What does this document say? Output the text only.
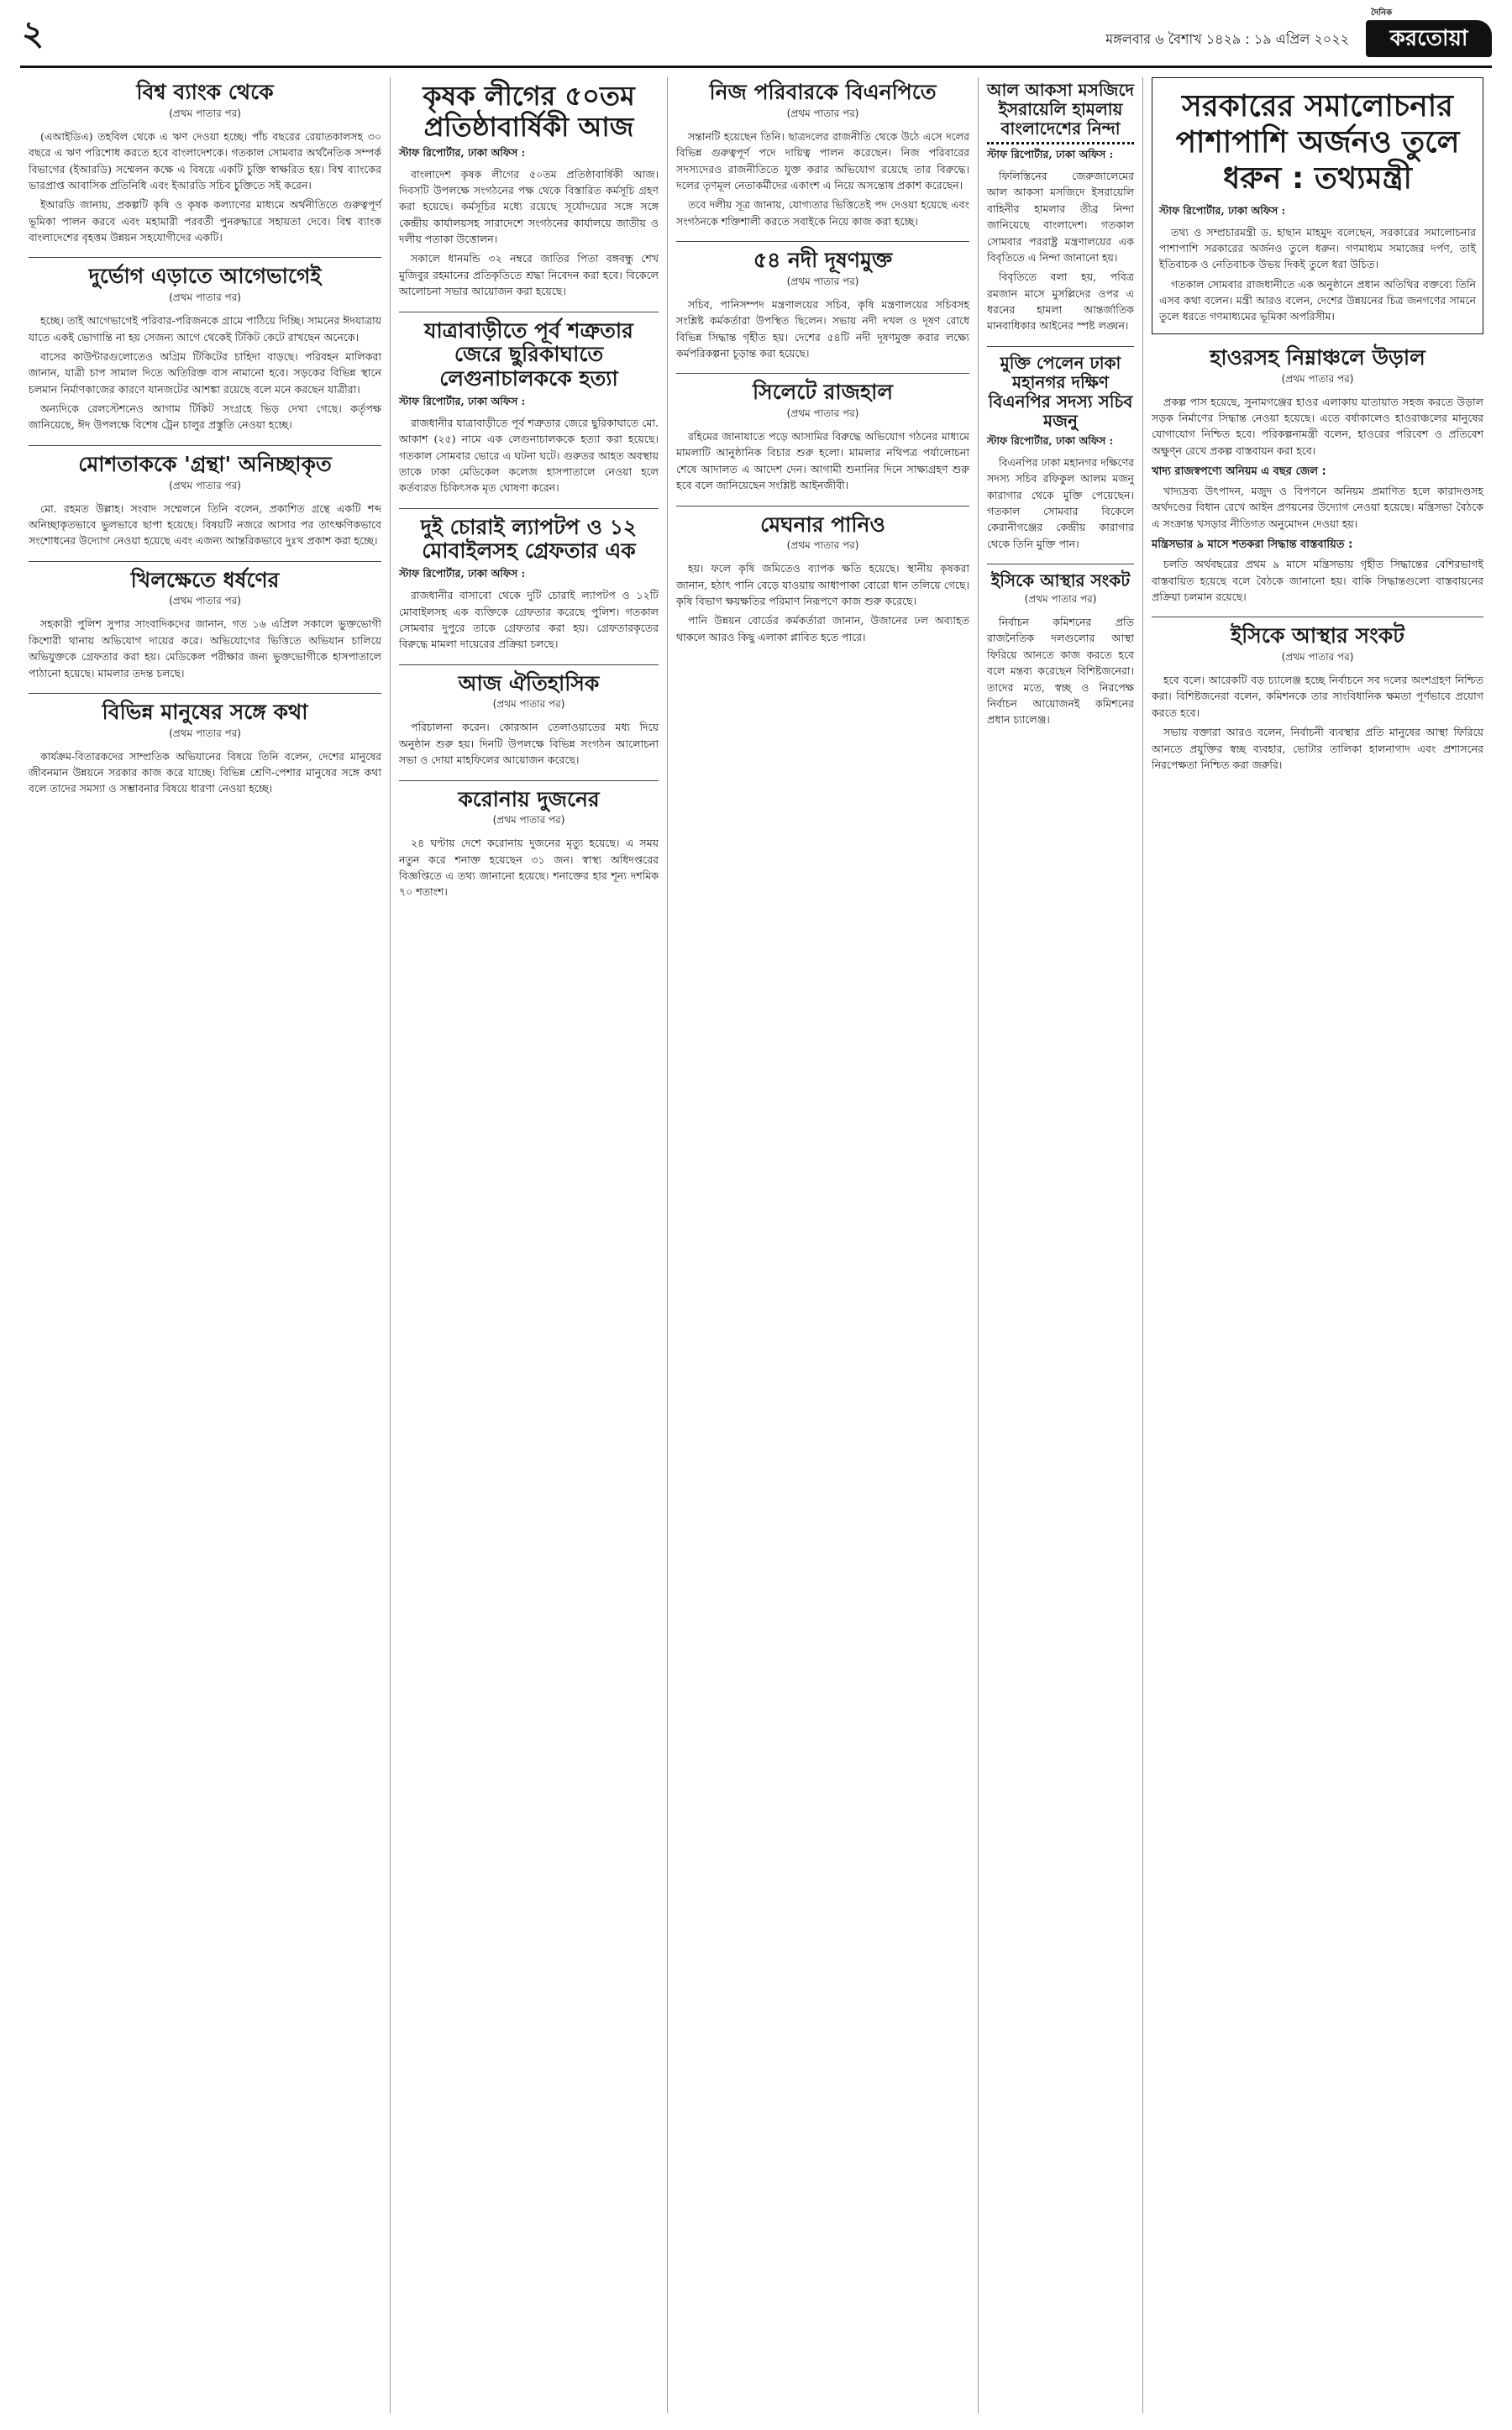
২	মঙ্গলবার ৬ বৈশাখ ১৪২৯ : ১৯ এপ্রিল ২০২২
দৈনিক
করতোয়া
বিশ্ব ব্যাংক থেকে
(প্রথম পাতার পর)

(এআইডিএ) তহবিল থেকে এ ঋণ দেওয়া হচ্ছে। পাঁচ বছরের রেয়াতকালসহ ৩০ বছরে এ ঋণ পরিশোধ করতে হবে বাংলাদেশকে। গতকাল সোমবার অর্থনৈতিক সম্পর্ক বিভাগের (ইআরডি) সম্মেলন কক্ষে এ বিষয়ে একটি চুক্তি স্বাক্ষরিত হয়। বিশ্ব ব্যাংকের ভারপ্রাপ্ত আবাসিক প্রতিনিধি এবং ইআরডি সচিব চুক্তিতে সই করেন।

ইআরডি জানায়, প্রকল্পটি কৃষি ও কৃষক কল্যাণের মাধ্যমে অর্থনীতিতে গুরুত্বপূর্ণ ভূমিকা পালন করবে এবং মহামারী পরবর্তী পুনরুদ্ধারে সহায়তা দেবে। বিশ্ব ব্যাংক বাংলাদেশের বৃহত্তম উন্নয়ন সহযোগীদের একটি।

দুর্ভোগ এড়াতে আগেভাগেই
(প্রথম পাতার পর)

হচ্ছে। তাই আগেভাগেই পরিবার-পরিজনকে গ্রামে পাঠিয়ে দিচ্ছি। সামনের ঈদযাত্রায় যাতে একই ভোগান্তি না হয় সেজন্য আগে থেকেই টিকিট কেটে রাখছেন অনেকে।

বাসের কাউন্টারগুলোতেও অগ্রিম টিকিটের চাহিদা বাড়ছে। পরিবহন মালিকরা জানান, যাত্রী চাপ সামাল দিতে অতিরিক্ত বাস নামানো হবে। সড়কের বিভিন্ন স্থানে চলমান নির্মাণকাজের কারণে যানজটের আশঙ্কা রয়েছে বলে মনে করছেন যাত্রীরা।

অন্যদিকে রেলস্টেশনেও আগাম টিকিট সংগ্রহে ভিড় দেখা গেছে। কর্তৃপক্ষ জানিয়েছে, ঈদ উপলক্ষে বিশেষ ট্রেন চালুর প্রস্তুতি নেওয়া হচ্ছে।

মোশতাককে 'গ্রন্থা' অনিচ্ছাকৃত
(প্রথম পাতার পর)

মো. রহমত উল্লাহ। সংবাদ সম্মেলনে তিনি বলেন, প্রকাশিত গ্রন্থে একটি শব্দ অনিচ্ছাকৃতভাবে ভুলভাবে ছাপা হয়েছে। বিষয়টি নজরে আসার পর তাৎক্ষণিকভাবে সংশোধনের উদ্যোগ নেওয়া হয়েছে এবং এজন্য আন্তরিকভাবে দুঃখ প্রকাশ করা হচ্ছে।

খিলক্ষেতে ধর্ষণের
(প্রথম পাতার পর)

সহকারী পুলিশ সুপার সাংবাদিকদের জানান, গত ১৬ এপ্রিল সকালে ভুক্তভোগী কিশোরী থানায় অভিযোগ দায়ের করে। অভিযোগের ভিত্তিতে অভিযান চালিয়ে অভিযুক্তকে গ্রেফতার করা হয়। মেডিকেল পরীক্ষার জন্য ভুক্তভোগীকে হাসপাতালে পাঠানো হয়েছে। মামলার তদন্ত চলছে।

বিভিন্ন মানুষের সঙ্গে কথা
(প্রথম পাতার পর)

কার্যক্রম-বিতারকদের সাম্প্রতিক অভিযানের বিষয়ে তিনি বলেন, দেশের মানুষের জীবনমান উন্নয়নে সরকার কাজ করে যাচ্ছে। বিভিন্ন শ্রেণি-পেশার মানুষের সঙ্গে কথা বলে তাদের সমস্যা ও সম্ভাবনার বিষয়ে ধারণা নেওয়া হচ্ছে।

কৃষক লীগের ৫০তম প্রতিষ্ঠাবার্ষিকী আজ
স্টাফ রিপোর্টার, ঢাকা অফিস :

বাংলাদেশ কৃষক লীগের ৫০তম প্রতিষ্ঠাবার্ষিকী আজ। দিবসটি উপলক্ষে সংগঠনের পক্ষ থেকে বিস্তারিত কর্মসূচি গ্রহণ করা হয়েছে। কর্মসূচির মধ্যে রয়েছে সূর্যোদয়ের সঙ্গে সঙ্গে কেন্দ্রীয় কার্যালয়সহ সারাদেশে সংগঠনের কার্যালয়ে জাতীয় ও দলীয় পতাকা উত্তোলন।

সকালে ধানমন্ডি ৩২ নম্বরে জাতির পিতা বঙ্গবন্ধু শেখ মুজিবুর রহমানের প্রতিকৃতিতে শ্রদ্ধা নিবেদন করা হবে। বিকেলে আলোচনা সভার আয়োজন করা হয়েছে।

যাত্রাবাড়ীতে পূর্ব শত্রুতার জেরে ছুরিকাঘাতে লেগুনাচালককে হত্যা
স্টাফ রিপোর্টার, ঢাকা অফিস :

রাজধানীর যাত্রাবাড়ীতে পূর্ব শত্রুতার জেরে ছুরিকাঘাতে মো. আকাশ (২৫) নামে এক লেগুনাচালককে হত্যা করা হয়েছে। গতকাল সোমবার ভোরে এ ঘটনা ঘটে। গুরুতর আহত অবস্থায় তাকে ঢাকা মেডিকেল কলেজ হাসপাতালে নেওয়া হলে কর্তব্যরত চিকিৎসক মৃত ঘোষণা করেন।

দুই চোরাই ল্যাপটপ ও ১২ মোবাইলসহ গ্রেফতার এক
স্টাফ রিপোর্টার, ঢাকা অফিস :

রাজধানীর বাসাবো থেকে দুটি চোরাই ল্যাপটপ ও ১২টি মোবাইলসহ এক ব্যক্তিকে গ্রেফতার করেছে পুলিশ। গতকাল সোমবার দুপুরে তাকে গ্রেফতার করা হয়। গ্রেফতারকৃতের বিরুদ্ধে মামলা দায়েরের প্রক্রিয়া চলছে।

আজ ঐতিহাসিক
(প্রথম পাতার পর)

পরিচালনা করেন। কোরআন তেলাওয়াতের মধ্য দিয়ে অনুষ্ঠান শুরু হয়। দিনটি উপলক্ষে বিভিন্ন সংগঠন আলোচনা সভা ও দোয়া মাহফিলের আয়োজন করেছে।

করোনায় দুজনের
(প্রথম পাতার পর)

২৪ ঘণ্টায় দেশে করোনায় দুজনের মৃত্যু হয়েছে। এ সময় নতুন করে শনাক্ত হয়েছেন ৩১ জন। স্বাস্থ্য অধিদপ্তরের বিজ্ঞপ্তিতে এ তথ্য জানানো হয়েছে। শনাক্তের হার শূন্য দশমিক ৭০ শতাংশ।

নিজ পরিবারকে বিএনপিতে
(প্রথম পাতার পর)

সন্তানটি হয়েছেন তিনি। ছাত্রদলের রাজনীতি থেকে উঠে এসে দলের বিভিন্ন গুরুত্বপূর্ণ পদে দায়িত্ব পালন করেছেন। নিজ পরিবারের সদস্যদেরও রাজনীতিতে যুক্ত করার অভিযোগ রয়েছে তার বিরুদ্ধে। দলের তৃণমূল নেতাকর্মীদের একাংশ এ নিয়ে অসন্তোষ প্রকাশ করেছেন।

তবে দলীয় সূত্র জানায়, যোগ্যতার ভিত্তিতেই পদ দেওয়া হয়েছে এবং সংগঠনকে শক্তিশালী করতে সবাইকে নিয়ে কাজ করা হচ্ছে।

৫৪ নদী দূষণমুক্ত
(প্রথম পাতার পর)

সচিব, পানিসম্পদ মন্ত্রণালয়ের সচিব, কৃষি মন্ত্রণালয়ের সচিবসহ সংশ্লিষ্ট কর্মকর্তারা উপস্থিত ছিলেন। সভায় নদী দখল ও দূষণ রোধে বিভিন্ন সিদ্ধান্ত গৃহীত হয়। দেশের ৫৪টি নদী দূষণমুক্ত করার লক্ষ্যে কর্মপরিকল্পনা চূড়ান্ত করা হয়েছে।

সিলেটে রাজহাল
(প্রথম পাতার পর)

রহিমের জানাযাতে পড়ে আসামির বিরুদ্ধে অভিযোগ গঠনের মাধ্যমে মামলাটি আনুষ্ঠানিক বিচার শুরু হলো। মামলার নথিপত্র পর্যালোচনা শেষে আদালত এ আদেশ দেন। আগামী শুনানির দিনে সাক্ষ্যগ্রহণ শুরু হবে বলে জানিয়েছেন সংশ্লিষ্ট আইনজীবী।

মেঘনার পানিও
(প্রথম পাতার পর)

হয়। ফলে কৃষি জমিতেও ব্যাপক ক্ষতি হয়েছে। স্থানীয় কৃষকরা জানান, হঠাৎ পানি বেড়ে যাওয়ায় আধাপাকা বোরো ধান তলিয়ে গেছে। কৃষি বিভাগ ক্ষয়ক্ষতির পরিমাণ নিরূপণে কাজ শুরু করেছে।

পানি উন্নয়ন বোর্ডের কর্মকর্তারা জানান, উজানের ঢল অব্যাহত থাকলে আরও কিছু এলাকা প্লাবিত হতে পারে।

আল আকসা মসজিদে ইসরায়েলি হামলায় বাংলাদেশের নিন্দা
স্টাফ রিপোর্টার, ঢাকা অফিস :

ফিলিস্তিনের জেরুজালেমের আল আকসা মসজিদে ইসরায়েলি বাহিনীর হামলার তীব্র নিন্দা জানিয়েছে বাংলাদেশ। গতকাল সোমবার পররাষ্ট্র মন্ত্রণালয়ের এক বিবৃতিতে এ নিন্দা জানানো হয়।

বিবৃতিতে বলা হয়, পবিত্র রমজান মাসে মুসল্লিদের ওপর এ ধরনের হামলা আন্তর্জাতিক মানবাধিকার আইনের স্পষ্ট লঙ্ঘন।

মুক্তি পেলেন ঢাকা মহানগর দক্ষিণ বিএনপির সদস্য সচিব মজনু
স্টাফ রিপোর্টার, ঢাকা অফিস :

বিএনপির ঢাকা মহানগর দক্ষিণের সদস্য সচিব রফিকুল আলম মজনু কারাগার থেকে মুক্তি পেয়েছেন। গতকাল সোমবার বিকেলে কেরানীগঞ্জের কেন্দ্রীয় কারাগার থেকে তিনি মুক্তি পান।

ইসিকে আস্থার সংকট
(প্রথম পাতার পর)

নির্বাচন কমিশনের প্রতি রাজনৈতিক দলগুলোর আস্থা ফিরিয়ে আনতে কাজ করতে হবে বলে মন্তব্য করেছেন বিশিষ্টজনেরা। তাদের মতে, স্বচ্ছ ও নিরপেক্ষ নির্বাচন আয়োজনই কমিশনের প্রধান চ্যালেঞ্জ।

সরকারের সমালোচনার পাশাপাশি অর্জনও তুলে ধরুন : তথ্যমন্ত্রী
স্টাফ রিপোর্টার, ঢাকা অফিস :

তথ্য ও সম্প্রচারমন্ত্রী ড. হাছান মাহমুদ বলেছেন, সরকারের সমালোচনার পাশাপাশি সরকারের অর্জনও তুলে ধরুন। গণমাধ্যম সমাজের দর্পণ, তাই ইতিবাচক ও নেতিবাচক উভয় দিকই তুলে ধরা উচিত।

গতকাল সোমবার রাজধানীতে এক অনুষ্ঠানে প্রধান অতিথির বক্তব্যে তিনি এসব কথা বলেন। মন্ত্রী আরও বলেন, দেশের উন্নয়নের চিত্র জনগণের সামনে তুলে ধরতে গণমাধ্যমের ভূমিকা অপরিসীম।

হাওরসহ নিম্নাঞ্চলে উড়াল
(প্রথম পাতার পর)

প্রকল্প পাস হয়েছে, সুনামগঞ্জের হাওর এলাকায় যাতায়াত সহজ করতে উড়াল সড়ক নির্মাণের সিদ্ধান্ত নেওয়া হয়েছে। এতে বর্ষাকালেও হাওরাঞ্চলের মানুষের যোগাযোগ নিশ্চিত হবে। পরিকল্পনামন্ত্রী বলেন, হাওরের পরিবেশ ও প্রতিবেশ অক্ষুণ্ন রেখে প্রকল্প বাস্তবায়ন করা হবে।

খাদ্য রাজস্বপণ্যে অনিয়ম এ বছর জেল :

খাদ্যদ্রব্য উৎপাদন, মজুদ ও বিপণনে অনিয়ম প্রমাণিত হলে কারাদণ্ডসহ অর্থদণ্ডের বিধান রেখে আইন প্রণয়নের উদ্যোগ নেওয়া হয়েছে। মন্ত্রিসভা বৈঠকে এ সংক্রান্ত খসড়ার নীতিগত অনুমোদন দেওয়া হয়।

মন্ত্রিসভার ৯ মাসে শতকরা সিদ্ধান্ত বাস্তবায়িত :

চলতি অর্থবছরের প্রথম ৯ মাসে মন্ত্রিসভায় গৃহীত সিদ্ধান্তের বেশিরভাগই বাস্তবায়িত হয়েছে বলে বৈঠকে জানানো হয়। বাকি সিদ্ধান্তগুলো বাস্তবায়নের প্রক্রিয়া চলমান রয়েছে।

ইসিকে আস্থার সংকট
(প্রথম পাতার পর)

হবে বলে। আরেকটি বড় চ্যালেঞ্জ হচ্ছে নির্বাচনে সব দলের অংশগ্রহণ নিশ্চিত করা। বিশিষ্টজনেরা বলেন, কমিশনকে তার সাংবিধানিক ক্ষমতা পূর্ণভাবে প্রয়োগ করতে হবে।

সভায় বক্তারা আরও বলেন, নির্বাচনী ব্যবস্থার প্রতি মানুষের আস্থা ফিরিয়ে আনতে প্রযুক্তির স্বচ্ছ ব্যবহার, ভোটার তালিকা হালনাগাদ এবং প্রশাসনের নিরপেক্ষতা নিশ্চিত করা জরুরি।
